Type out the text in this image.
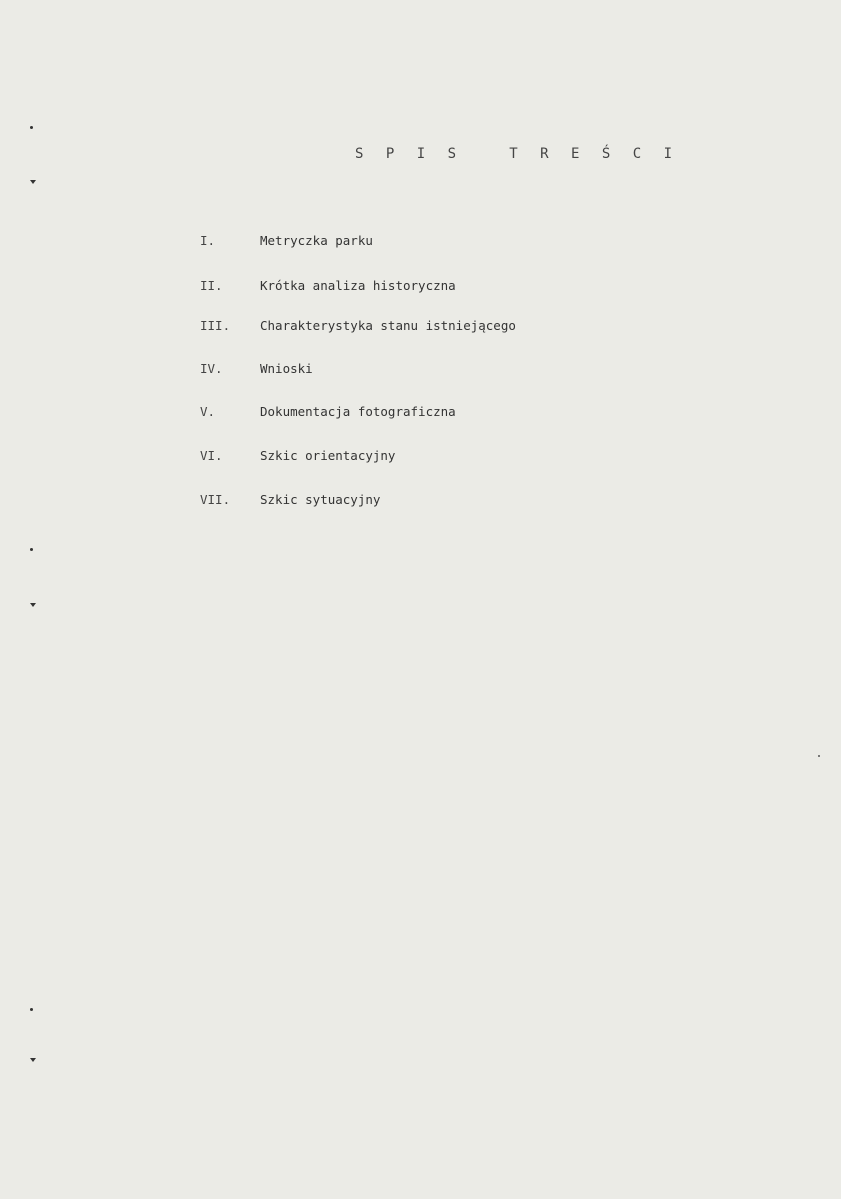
S P I S   T R E Ś C I
I.	Metryczka parku
II.	Krótka analiza historyczna
III. Charakterystyka stanu istniejącego
IV.	Wnioski
V.	Dokumentacja fotograficzna
VI.	Szkic orientacyjny
VII. Szkic sytuacyjny
